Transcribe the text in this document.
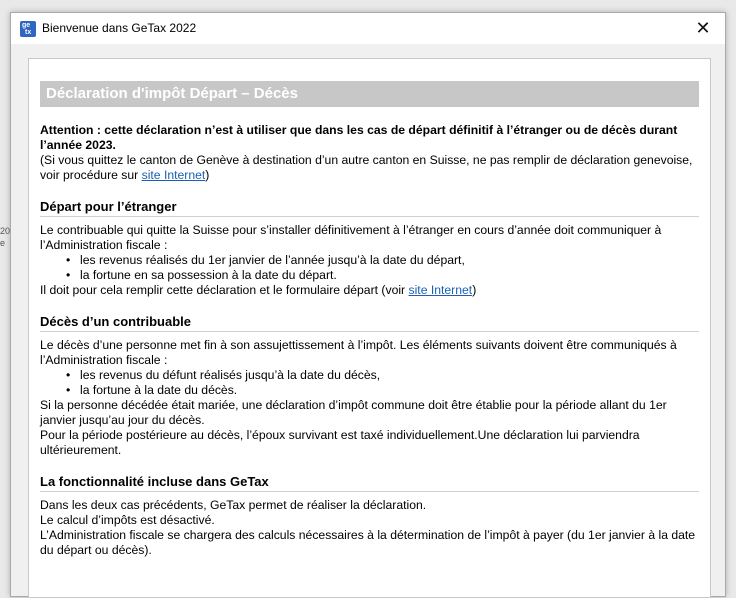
20
e
ge
tx Bienvenue dans GeTax 2022	✕
Déclaration d'impôt Départ – Décès

Attention : cette déclaration n’est à utiliser que dans les cas de départ définitif à l’étranger ou de décès durant l’année 2023.

(Si vous quittez le canton de Genève à destination d’un autre canton en Suisse, ne pas remplir de déclaration genevoise, voir procédure sur site Internet)

Départ pour l’étranger

Le contribuable qui quitte la Suisse pour s’installer définitivement à l’étranger en cours d’année doit communiquer à l’Administration fiscale :

• les revenus réalisés du 1er janvier de l’année jusqu’à la date du départ,
• la fortune en sa possession à la date du départ.

Il doit pour cela remplir cette déclaration et le formulaire départ (voir site Internet)

Décès d’un contribuable

Le décès d’une personne met fin à son assujettissement à l’impôt. Les éléments suivants doivent être communiqués à l’Administration fiscale :

• les revenus du défunt réalisés jusqu’à la date du décès,
• la fortune à la date du décès.

Si la personne décédée était mariée, une déclaration d’impôt commune doit être établie pour la période allant du 1er janvier jusqu’au jour du décès.

Pour la période postérieure au décès, l’époux survivant est taxé individuellement.Une déclaration lui parviendra ultérieurement.

La fonctionnalité incluse dans GeTax

Dans les deux cas précédents, GeTax permet de réaliser la déclaration.

Le calcul d’impôts est désactivé.

L’Administration fiscale se chargera des calculs nécessaires à la détermination de l’impôt à payer (du 1er janvier à la date du départ ou décès).
